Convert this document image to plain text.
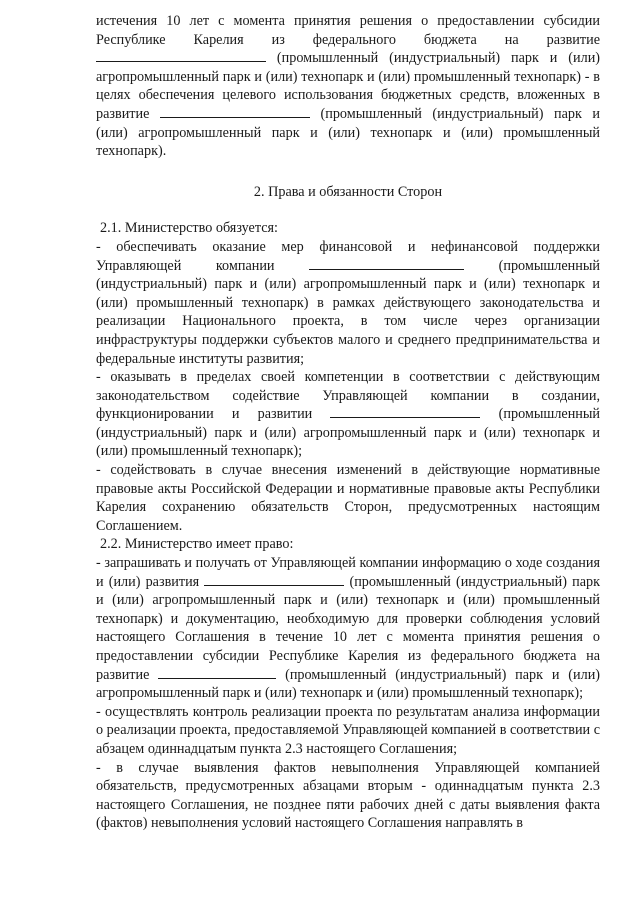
истечения 10 лет с момента принятия решения о предоставлении субсидии Республике Карелия из федерального бюджета на развитие  (промышленный (индустриальный) парк и (или) агропромышленный парк и (или) технопарк и (или) промышленный технопарк) - в целях обеспечения целевого использования бюджетных средств, вложенных в развитие	(промышленный (индустриальный) парк и (или) агропромышленный парк и (или) технопарк и (или) промышленный технопарк).

2. Права и обязанности Сторон

2.1. Министерство обязуется:

- обеспечивать оказание мер финансовой и нефинансовой поддержки Управляющей компании	(промышленный (индустриальный) парк и (или) агропромышленный парк и (или) технопарк и (или) промышленный технопарк) в рамках действующего законодательства и реализации Национального проекта, в том числе через организации инфраструктуры поддержки субъектов малого и среднего предпринимательства и федеральные институты развития;

- оказывать в пределах своей компетенции в соответствии с действующим законодательством содействие Управляющей компании в создании, функционировании и развитии	(промышленный (индустриальный) парк и (или) агропромышленный парк и (или) технопарк и (или) промышленный технопарк);

- содействовать в случае внесения изменений в действующие нормативные правовые акты Российской Федерации и нормативные правовые акты Республики Карелия сохранению обязательств Сторон, предусмотренных настоящим Соглашением.

2.2. Министерство имеет право:

- запрашивать и получать от Управляющей компании информацию о ходе создания и (или) развития	(промышленный (индустриальный) парк и (или) агропромышленный парк и (или) технопарк и (или) промышленный технопарк) и документацию, необходимую для проверки соблюдения условий настоящего Соглашения в течение 10 лет с момента принятия решения о предоставлении субсидии Республике Карелия из федерального бюджета на развитие	(промышленный (индустриальный) парк и (или) агропромышленный парк и (или) технопарк и (или) промышленный технопарк);

- осуществлять контроль реализации проекта по результатам анализа информации о реализации проекта, предоставляемой Управляющей компанией в соответствии с абзацем одиннадцатым пункта 2.3 настоящего Соглашения;

- в случае выявления фактов невыполнения Управляющей компанией обязательств, предусмотренных абзацами вторым - одиннадцатым пункта 2.3 настоящего Соглашения, не позднее пяти рабочих дней с даты выявления факта (фактов) невыполнения условий настоящего Соглашения направлять в
